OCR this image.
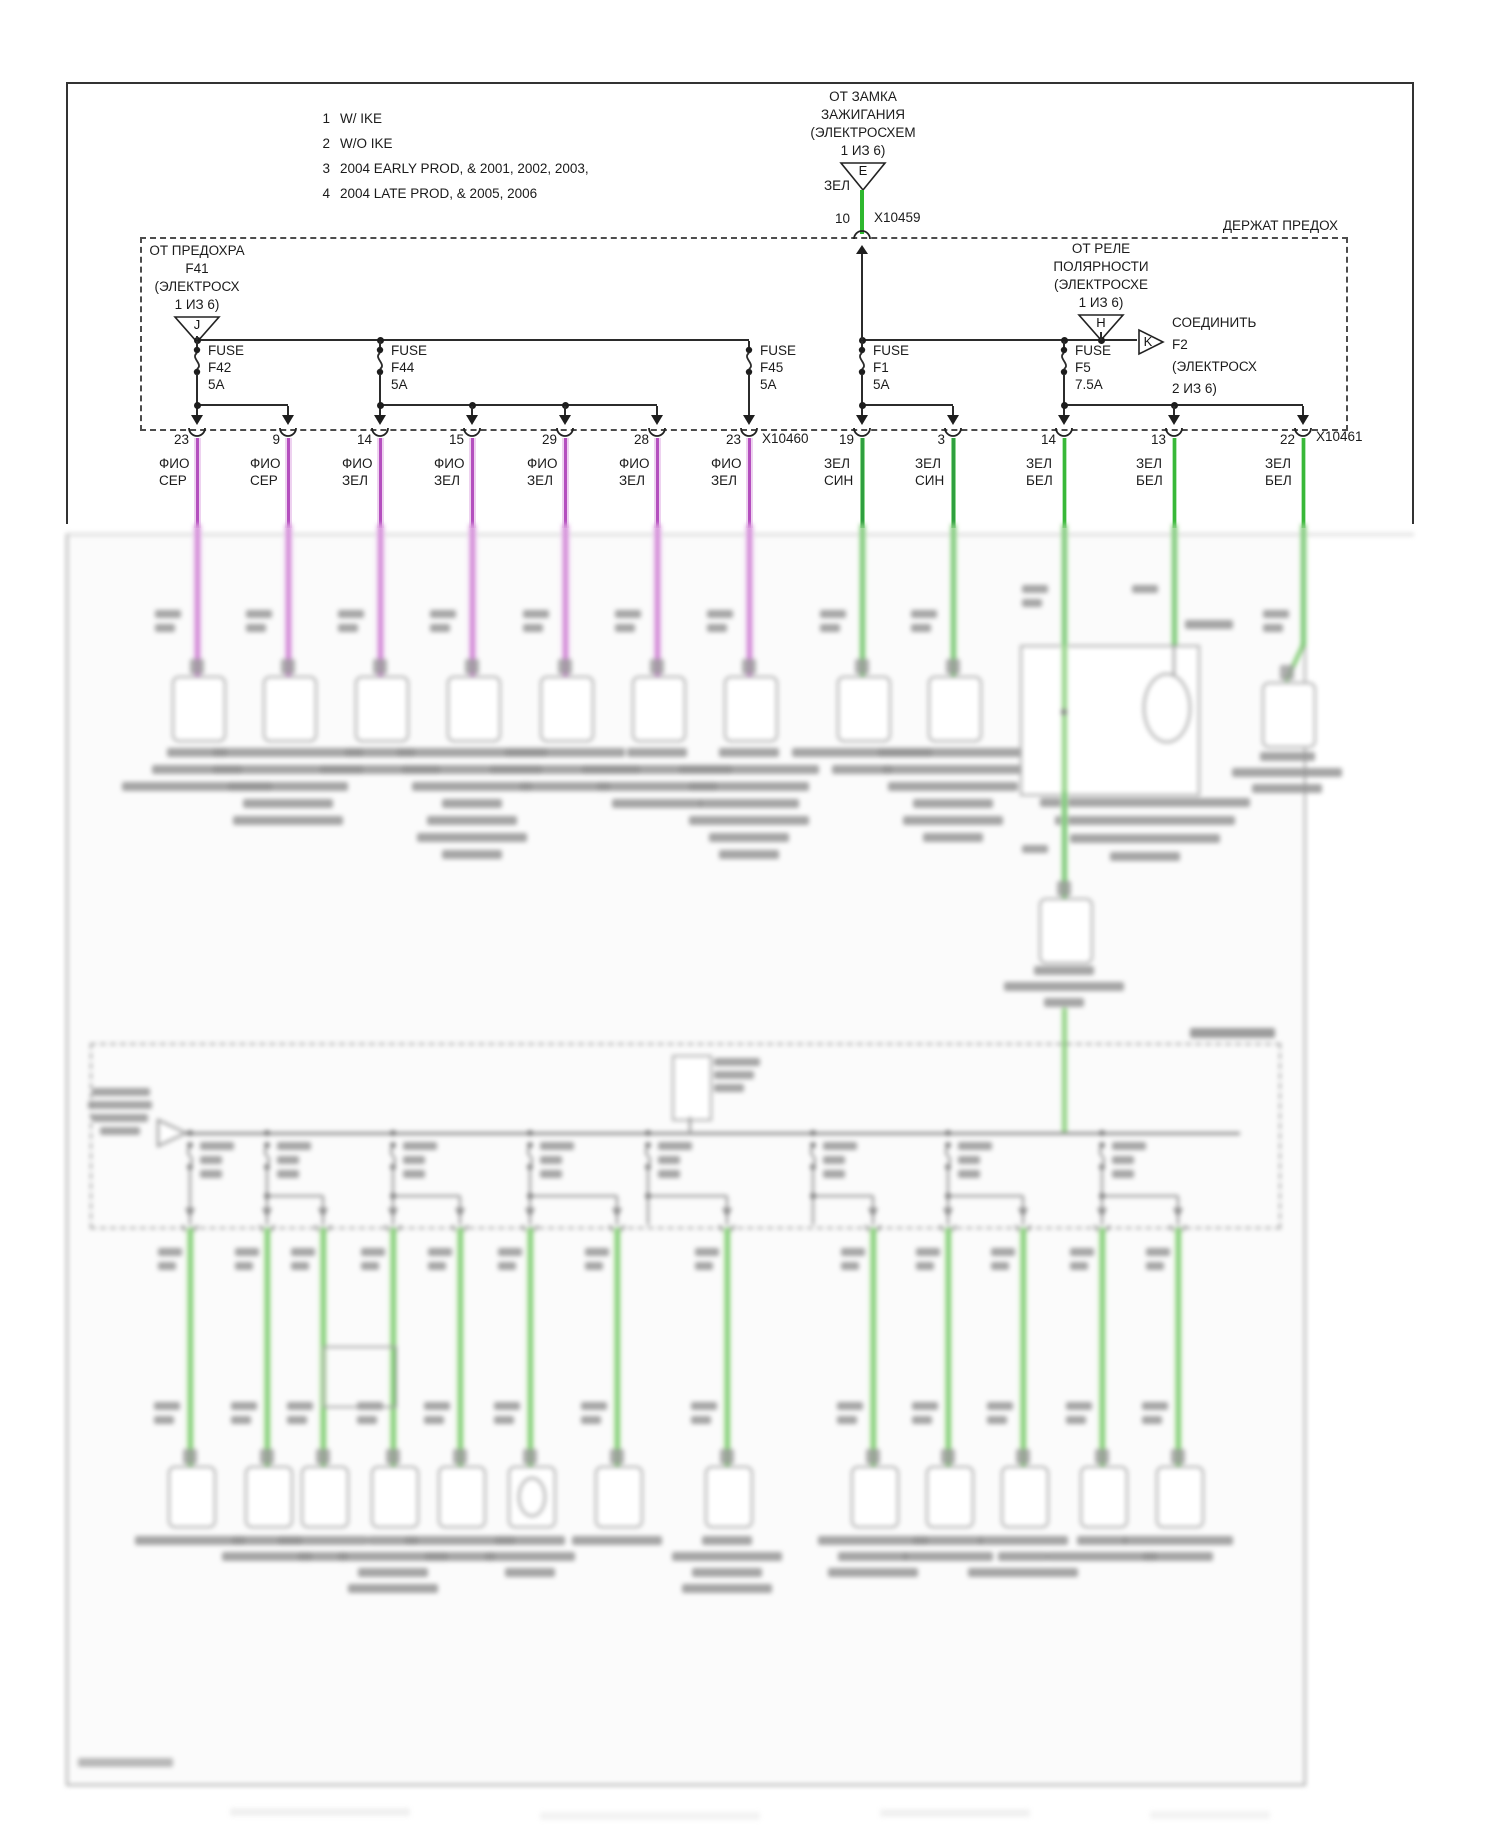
1 W/ IKE
2 W/O IKE
3 2004 EARLY PROD, & 2001, 2002, 2003,
4 2004 LATE PROD, & 2005, 2006
ДЕРЖАТ ПРЕДОХ
ОТ ЗАМКА
ЗАЖИГАНИЯ
(ЭЛЕКТРОСХЕМ
1 ИЗ 6)
E
ЗЕЛ
10 X10459
ОТ ПРЕДОХРА
F41
(ЭЛЕКТРОСХ
1 ИЗ 6)
J
ОТ РЕЛЕ
ПОЛЯРНОСТИ
(ЭЛЕКТРОСХЕ
1 ИЗ 6)
H
K
СОЕДИНИТЬ
F2
(ЭЛЕКТРОСХ
2 ИЗ 6)
X10460	X10461
FUSE
F42
5A
FUSE
F44
5A
FUSE
F45
5A
FUSE
F1
5A
FUSE
F5
7.5A
23
ФИО
СЕР
9
ФИО
СЕР
14
ФИО
ЗЕЛ
15
ФИО
ЗЕЛ
29
ФИО
ЗЕЛ
28
ФИО
ЗЕЛ
23
ФИО
ЗЕЛ
19
ЗЕЛ
СИН
3
ЗЕЛ
СИН
14
ЗЕЛ
БЕЛ
13
ЗЕЛ
БЕЛ
22
ЗЕЛ
БЕЛ
